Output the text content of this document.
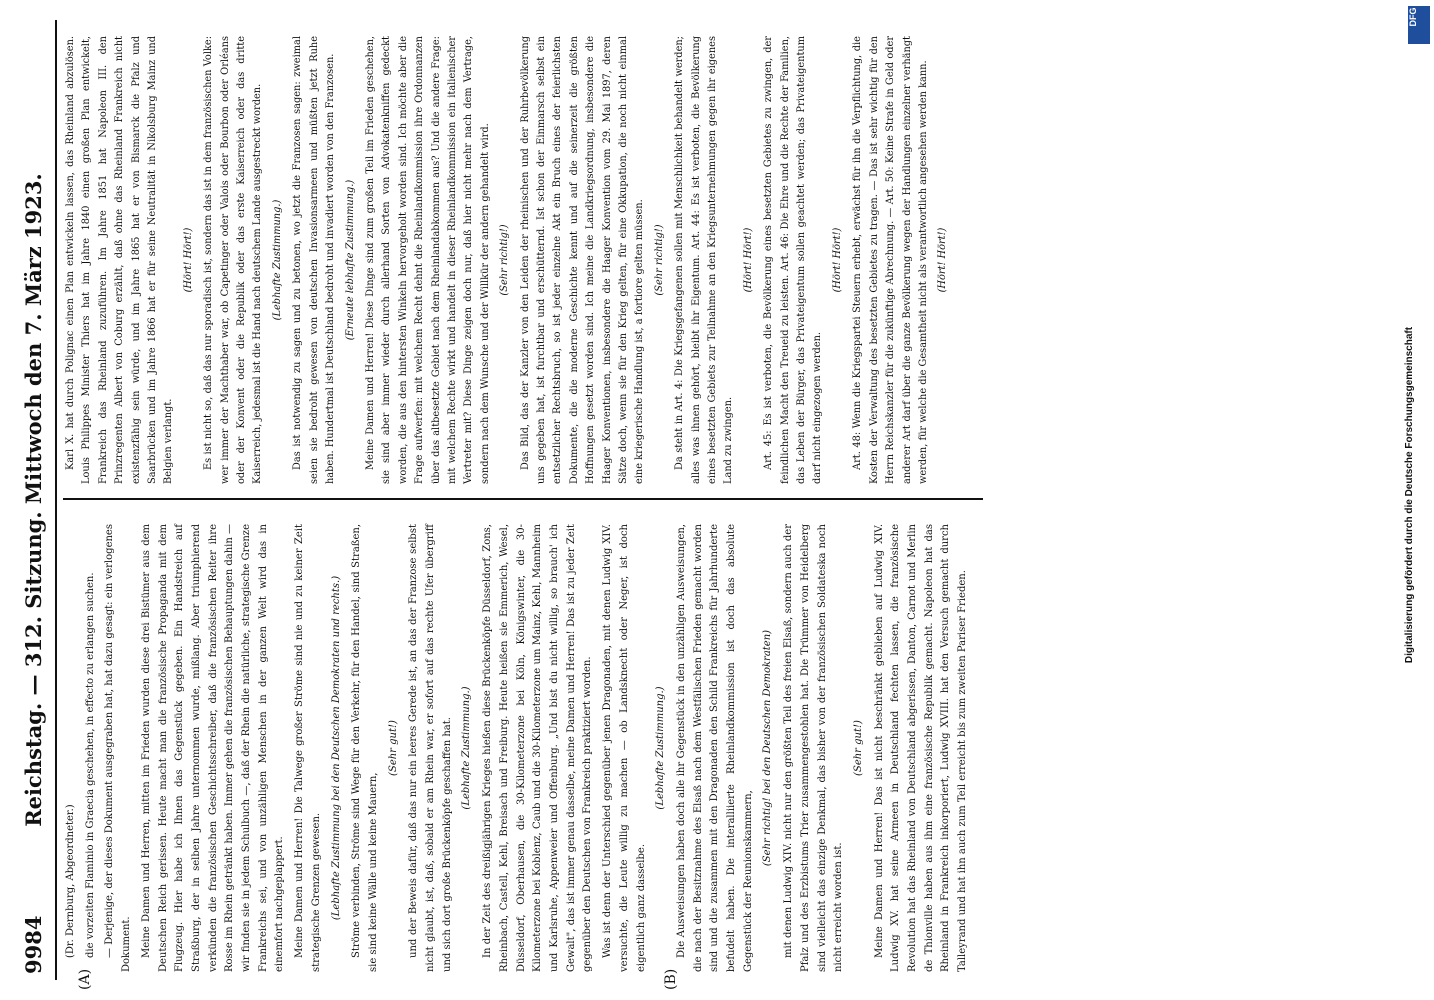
9984
Reichstag. — 312. Sitzung. Mittwoch den 7. März 1923.
(A)	(B)

(Dr. Dernburg, Abgeordneter.) die vorzeiten Flaminio in Graecia geschehen, in effecto zu erlangen suchen. — Derjenige, der dieses Dokument ausgegraben hat, hat dazu gesagt: ein verlogenes Dokument. Meine Damen und Herren, mitten im Frieden wurden diese drei Bistümer aus dem Deutschen Reich gerissen. Heute macht man die französische Propaganda mit dem Flugzeug. Hier habe ich Ihnen das Gegenstück gegeben. Ein Handstreich auf Straßburg, der in selben Jahre unternommen wurde, mißlang. Aber triumphierend verkünden die französischen Geschichtsschreiber, daß die französischen Reiter ihre Rosse im Rhein getränkt haben. Immer gehen die französischen Behauptungen dahin — wir finden sie in jedem Schulbuch —, daß der Rhein die natürliche, strategische Grenze Frankreichs sei, und von unzähligen Menschen in der ganzen Welt wird das in einemfort nachgeplappert. Meine Damen und Herren! Die Talwege großer Ströme sind nie und zu keiner Zeit strategische Grenzen gewesen. (Lebhafte Zustimmung bei den Deutschen Demokraten und rechts.) Ströme verbinden, Ströme sind Wege für den Verkehr, für den Handel, sind Straßen, sie sind keine Wälle und keine Mauern,

(Sehr gut!) und der Beweis dafür, daß das nur ein leeres Gerede ist, an das der Franzose selbst nicht glaubt, ist, daß, sobald er am Rhein war, er sofort auf das rechte Ufer übergriff und sich dort große Brückenköpfe geschaffen hat. (Lebhafte Zustimmung.) In der Zeit des dreißigjährigen Krieges hießen diese Brückenköpfe Düsseldorf, Zons, Rheinbach, Castell, Kehl, Breisach und Freiburg. Heute heißen sie Emmerich, Wesel, Düsseldorf, Oberhausen, die 30-Kilometerzone bei Köln, Königswinter, die 30-Kilometerzone bei Koblenz, Caub und die 30-Kilometerzone um Mainz, Kehl, Mannheim und Karlsruhe, Appenweier und Offenburg. „Und bist du nicht willig, so brauch' ich Gewalt", das ist immer genau dasselbe, meine Damen und Herren! Das ist zu jeder Zeit gegenüber den Deutschen von Frankreich praktiziert worden. Was ist denn der Unterschied gegenüber jenen Dragonaden, mit denen Ludwig XIV. versuchte, die Leute willig zu machen — ob Landsknecht oder Neger, ist doch eigentlich ganz dasselbe.

(Lebhafte Zustimmung.) Die Ausweisungen haben doch alle ihr Gegenstück in den unzähligen Ausweisungen, die nach der Besitznahme des Elsaß nach dem Westfälischen Frieden gemacht worden sind und die zusammen mit den Dragonaden den Schild Frankreichs für Jahrhunderte befudelt haben. Die interalliierte Rheinlandkommission ist doch das absolute Gegenstück der Reunionskammern,

(Sehr richtig! bei den Deutschen Demokraten) mit denen Ludwig XIV. nicht nur den größten Teil des freien Elsaß, sondern auch der Pfalz und des Erzbistums Trier zusammengestohlen hat. Die Trümmer von Heidelberg sind vielleicht das einzige Denkmal, das bisher von der französischen Soldateska noch nicht erreicht worden ist.

(Sehr gut!) Meine Damen und Herren! Das ist nicht beschränkt geblieben auf Ludwig XIV. Ludwig XV. hat seine Armeen in Deutschland fechten lassen, die französische Revolution hat das Rheinland von Deutschland abgerissen, Danton, Carnot und Merlin de Thionville haben aus ihm eine französische Republik gemacht. Napoleon hat das Rheinland in Frankreich inkorporiert, Ludwig XVIII. hat den Versuch gemacht durch Talleyrand und hat ihn auch zum Teil erreicht bis zum zweiten Pariser Frieden.

Karl X. hat durch Polignac einen Plan entwickeln lassen, das Rheinland abzulösen. Louis Philippes Minister Thiers hat im Jahre 1840 einen großen Plan entwickelt, Frankreich das Rheinland zuzuführen. Im Jahre 1851 hat Napoleon III. den Prinzregenten Albert von Coburg erzählt, daß ohne das Rheinland Frankreich nicht existenzfähig sein würde, und im Jahre 1865 hat er von Bismarck die Pfalz und Saarbrücken und im Jahre 1866 hat er für seine Neutralität in Nikolsburg Mainz und Belgien verlangt.

(Hört! Hört!) Es ist nicht so, daß das nur sporadisch ist, sondern das ist in dem französischen Volke: wer immer der Machthaber war, ob Capetinger oder Valois oder Bourbon oder Orléans oder der Konvent oder die Republik oder das erste Kaiserreich oder das dritte Kaiserreich, jedesmal ist die Hand nach deutschem Lande ausgestreckt worden. (Lebhafte Zustimmung.) Das ist notwendig zu sagen und zu betonen, wo jetzt die Franzosen sagen: zweimal seien sie bedroht gewesen von deutschen Invasionsarmeen und müßten jetzt Ruhe haben. Hundertmal ist Deutschland bedroht und invadiert worden von den Franzosen. (Erneute lebhafte Zustimmung.) Meine Damen und Herren! Diese Dinge sind zum großen Teil im Frieden geschehen, sie sind aber immer wieder durch allerhand Sorten von Advokatenkniffen gedeckt worden, die aus den hintersten Winkeln hervorgeholt worden sind. Ich möchte aber die Frage aufwerfen: mit welchem Recht dehnt die Rheinlandkommission ihre Ordonnanzen über das altbesetzte Gebiet nach dem Rheinlandabkommen aus? Und die andere Frage: mit welchem Rechte wirkt und handelt in dieser Rheinlandkommission ein italienischer Vertreter mit? Diese Dinge zeigen doch nur, daß hier nicht mehr nach dem Vertrage, sondern nach dem Wunsche und der Willkür der andern gehandelt wird. (Sehr richtig!) Das Bild, das der Kanzler von den Leiden der rheinischen und der Ruhrbevölkerung uns gegeben hat, ist furchtbar und erschütternd. Ist schon der Einmarsch selbst ein entsetzlicher Rechtsbruch, so ist jeder einzelne Akt ein Bruch eines der feierlichsten Dokumente, die die moderne Geschichte kennt und auf die seinerzeit die größten Hoffnungen gesetzt worden sind. Ich meine die Landkriegsordnung, insbesondere die Haager Konventionen, insbesondere die Haager Konvention vom 29. Mai 1897, deren Sätze doch, wenn sie für den Krieg gelten, für eine Okkupation, die noch nicht einmal eine kriegerische Handlung ist, a fortiore gelten müssen. (Sehr richtig!) Da steht in Art. 4: Die Kriegsgefangenen sollen mit Menschlichkeit behandelt werden; alles was ihnen gehört, bleibt ihr Eigentum. Art. 44: Es ist verboten, die Bevölkerung eines besetzten Gebiets zur Teilnahme an den Kriegsunternehmungen gegen ihr eigenes Land zu zwingen.

(Hört! Hört!) Art. 45: Es ist verboten, die Bevölkerung eines besetzten Gebietes zu zwingen, der feindlichen Macht den Treueid zu leisten. Art. 46: Die Ehre und die Rechte der Familien, das Leben der Bürger, das Privateigentum sollen geachtet werden; das Privateigentum darf nicht eingezogen werden.

(Hört! Hört!) Art. 48: Wenn die Kriegspartei Steuern erhebt, erwächst für ihn die Verpflichtung, die Kosten der Verwaltung des besetzten Gebietes zu tragen. — Das ist sehr wichtig für den Herrn Reichskanzler für die zukünftige Abrechnung. — Art. 50: Keine Strafe in Geld oder anderer Art darf über die ganze Bevölkerung wegen der Handlungen einzelner verhängt werden, für welche die Gesamtheit nicht als verantwortlich angesehen werden kann. (Hört! Hört!)

Digitalisierung gefördert durch die Deutsche Forschungsgemeinschaft
DFG
